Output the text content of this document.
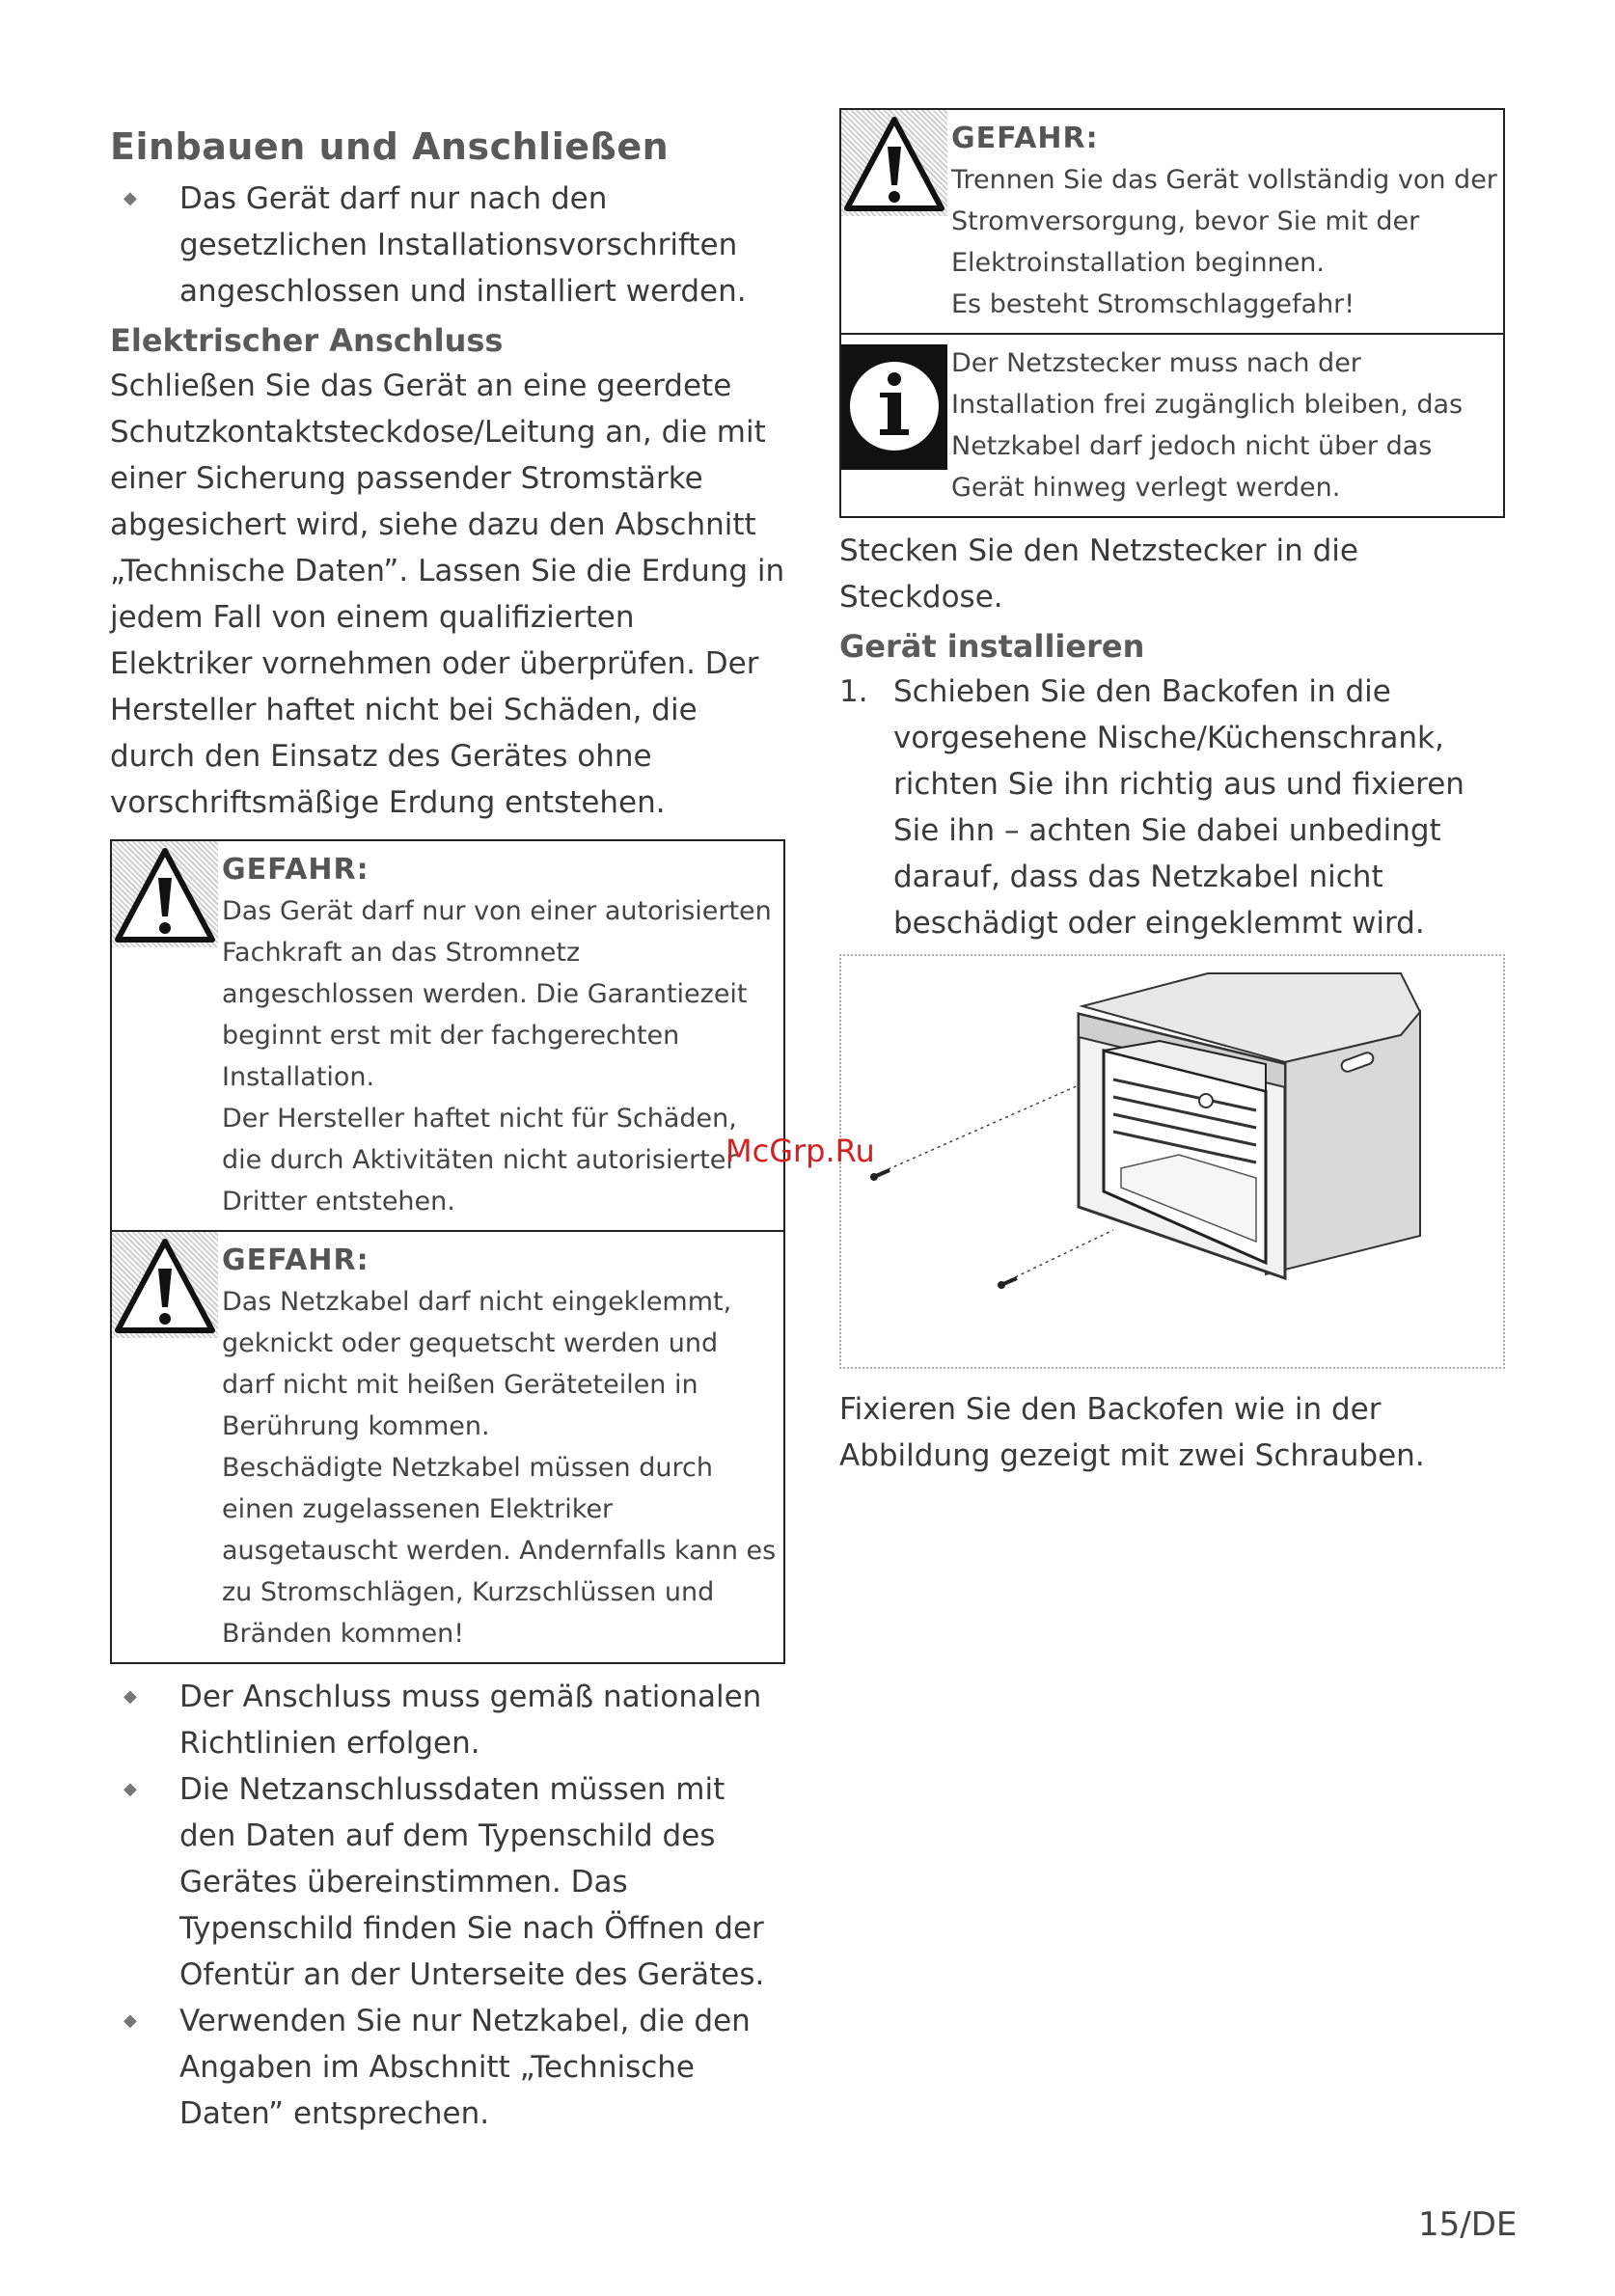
Einbauen und Anschließen
◆ Das Gerät darf nur nach den gesetzlichen Installationsvorschriften angeschlossen und installiert werden.
Elektrischer Anschluss

Schließen Sie das Gerät an eine geerdete Schutzkontaktsteckdose/Leitung an, die mit einer Sicherung passender Stromstärke abgesichert wird, siehe dazu den Abschnitt „Technische Daten”. Lassen Sie die Erdung in jedem Fall von einem qualifizierten Elektriker vornehmen oder überprüfen. Der Hersteller haftet nicht bei Schäden, die durch den Einsatz des Gerätes ohne vorschriftsmäßige Erdung entstehen.

GEFAHR:

Das Gerät darf nur von einer autorisierten Fachkraft an das Stromnetz angeschlossen werden. Die Garantiezeit beginnt erst mit der fachgerechten Installation.

Der Hersteller haftet nicht für Schäden, die durch Aktivitäten nicht autorisierter Dritter entstehen.

GEFAHR:

Das Netzkabel darf nicht eingeklemmt, geknickt oder gequetscht werden und darf nicht mit heißen Geräteteilen in Berührung kommen.

Beschädigte Netzkabel müssen durch einen zugelassenen Elektriker ausgetauscht werden. Andernfalls kann es zu Stromschlägen, Kurzschlüssen und Bränden kommen!

◆ Der Anschluss muss gemäß nationalen Richtlinien erfolgen.
◆ Die Netzanschlussdaten müssen mit den Daten auf dem Typenschild des Gerätes übereinstimmen. Das Typenschild finden Sie nach Öffnen der Ofentür an der Unterseite des Gerätes.
◆ Verwenden Sie nur Netzkabel, die den Angaben im Abschnitt „Technische Daten” entsprechen.
GEFAHR:

Trennen Sie das Gerät vollständig von der Stromversorgung, bevor Sie mit der Elektroinstallation beginnen.

Es besteht Stromschlaggefahr!

Der Netzstecker muss nach der Installation frei zugänglich bleiben, das Netzkabel darf jedoch nicht über das Gerät hinweg verlegt werden.

Stecken Sie den Netzstecker in die Steckdose.

Gerät installieren
1. Schieben Sie den Backofen in die vorgesehene Nische/Küchenschrank, richten Sie ihn richtig aus und fixieren Sie ihn – achten Sie dabei unbedingt darauf, dass das Netzkabel nicht beschädigt oder eingeklemmt wird.

Fixieren Sie den Backofen wie in der Abbildung gezeigt mit zwei Schrauben.

McGrp.Ru
15/DE
